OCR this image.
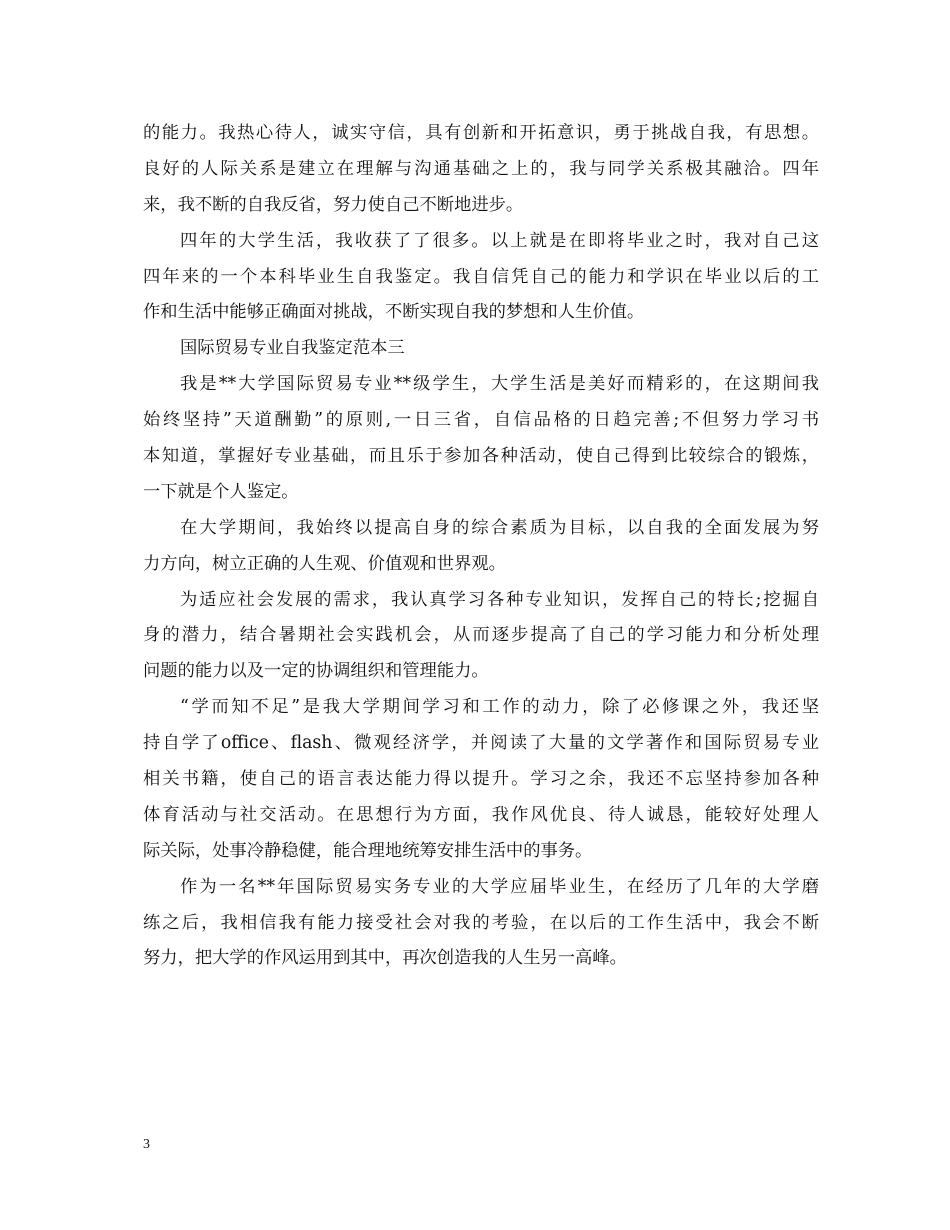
的能力。我热心待人，诚实守信，具有创新和开拓意识，勇于挑战自我，有思想。
良好的人际关系是建立在理解与沟通基础之上的，我与同学关系极其融洽。四年
来，我不断的自我反省，努力使自己不断地进步。
四年的大学生活，我收获了了很多。以上就是在即将毕业之时，我对自己这
四年来的一个本科毕业生自我鉴定。我自信凭自己的能力和学识在毕业以后的工
作和生活中能够正确面对挑战，不断实现自我的梦想和人生价值。
国际贸易专业自我鉴定范本三
我是**大学国际贸易专业**级学生，大学生活是美好而精彩的，在这期间我
始终坚持”天道酬勤”的原则,一日三省，自信品格的日趋完善;不但努力学习书
本知道，掌握好专业基础，而且乐于参加各种活动，使自己得到比较综合的锻炼，
一下就是个人鉴定。
在大学期间，我始终以提高自身的综合素质为目标，以自我的全面发展为努
力方向，树立正确的人生观、价值观和世界观。
为适应社会发展的需求，我认真学习各种专业知识，发挥自己的特长;挖掘自
身的潜力，结合暑期社会实践机会，从而逐步提高了自己的学习能力和分析处理
问题的能力以及一定的协调组织和管理能力。
“学而知不足”是我大学期间学习和工作的动力，除了必修课之外，我还坚
持自学了office、flash、微观经济学，并阅读了大量的文学著作和国际贸易专业
相关书籍，使自己的语言表达能力得以提升。学习之余，我还不忘坚持参加各种
体育活动与社交活动。在思想行为方面，我作风优良、待人诚恳，能较好处理人
际关际，处事冷静稳健，能合理地统筹安排生活中的事务。
作为一名**年国际贸易实务专业的大学应届毕业生，在经历了几年的大学磨
练之后，我相信我有能力接受社会对我的考验，在以后的工作生活中，我会不断
努力，把大学的作风运用到其中，再次创造我的人生另一高峰。
3
